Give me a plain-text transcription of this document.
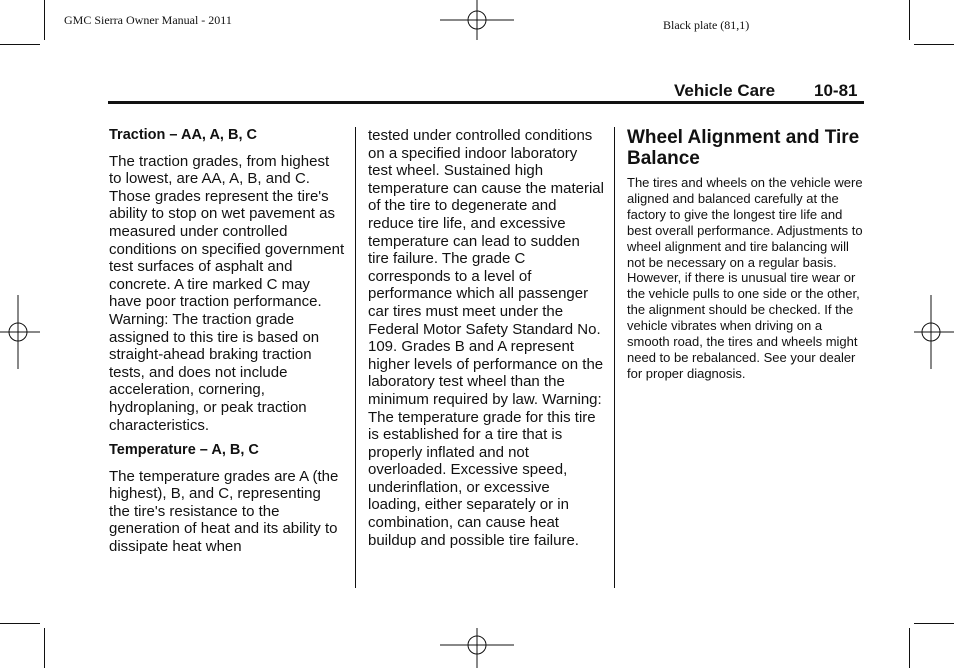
GMC Sierra Owner Manual - 2011	Black plate (81,1)
Vehicle Care 10-81

Traction – AA, A, B, C

The traction grades, from highest to lowest, are AA, A, B, and C. Those grades represent the tire's ability to stop on wet pavement as measured under controlled conditions on specified government test surfaces of asphalt and concrete. A tire marked C may have poor traction performance. Warning: The traction grade assigned to this tire is based on straight-ahead braking traction tests, and does not include acceleration, cornering, hydroplaning, or peak traction characteristics.

Temperature – A, B, C

The temperature grades are A (the highest), B, and C, representing the tire's resistance to the generation of heat and its ability to dissipate heat when

tested under controlled conditions on a specified indoor laboratory test wheel. Sustained high temperature can cause the material of the tire to degenerate and reduce tire life, and excessive temperature can lead to sudden tire failure. The grade C corresponds to a level of performance which all passenger car tires must meet under the Federal Motor Safety Standard No. 109. Grades B and A represent higher levels of performance on the laboratory test wheel than the minimum required by law. Warning: The temperature grade for this tire is established for a tire that is properly inflated and not overloaded. Excessive speed, underinflation, or excessive loading, either separately or in combination, can cause heat buildup and possible tire failure.

Wheel Alignment and Tire Balance

The tires and wheels on the vehicle were aligned and balanced carefully at the factory to give the longest tire life and best overall performance. Adjustments to wheel alignment and tire balancing will not be necessary on a regular basis. However, if there is unusual tire wear or the vehicle pulls to one side or the other, the alignment should be checked. If the vehicle vibrates when driving on a smooth road, the tires and wheels might need to be rebalanced. See your dealer for proper diagnosis.
